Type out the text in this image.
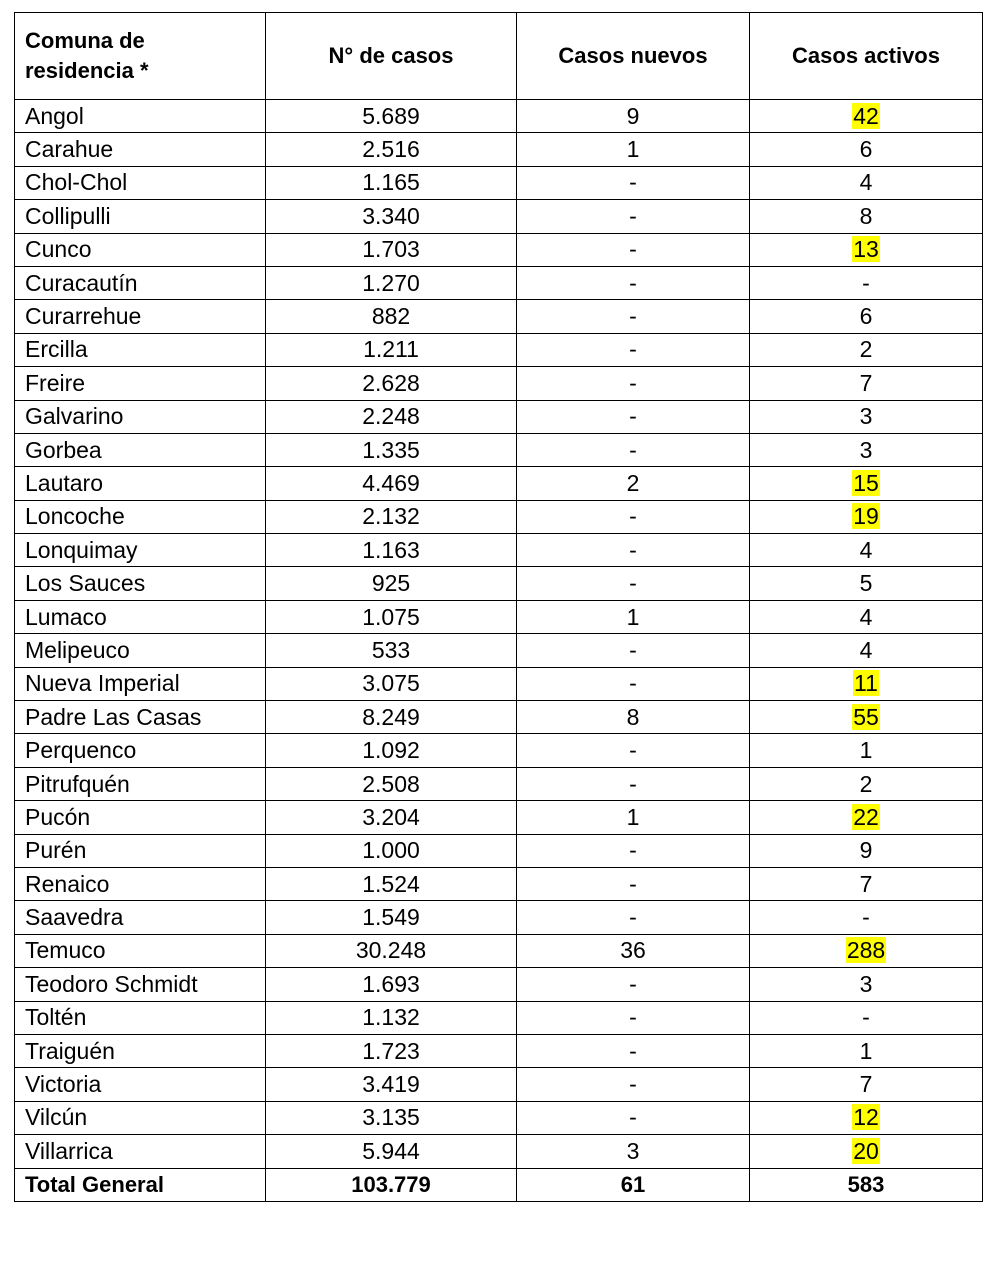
Comuna de residencia *	N° de casos	Casos nuevos	Casos activos
Angol	5.689	9	42
Carahue	2.516	1	6
Chol-Chol	1.165	-	4
Collipulli	3.340	-	8
Cunco	1.703	-	13
Curacautín	1.270	-	-
Curarrehue	882	-	6
Ercilla	1.211	-	2
Freire	2.628	-	7
Galvarino	2.248	-	3
Gorbea	1.335	-	3
Lautaro	4.469	2	15
Loncoche	2.132	-	19
Lonquimay	1.163	-	4
Los Sauces	925	-	5
Lumaco	1.075	1	4
Melipeuco	533	-	4
Nueva Imperial	3.075	-	11
Padre Las Casas	8.249	8	55
Perquenco	1.092	-	1
Pitrufquén	2.508	-	2
Pucón	3.204	1	22
Purén	1.000	-	9
Renaico	1.524	-	7
Saavedra	1.549	-	-
Temuco	30.248	36	288
Teodoro Schmidt	1.693	-	3
Toltén	1.132	-	-
Traiguén	1.723	-	1
Victoria	3.419	-	7
Vilcún	3.135	-	12
Villarrica	5.944	3	20
Total General	103.779	61	583
